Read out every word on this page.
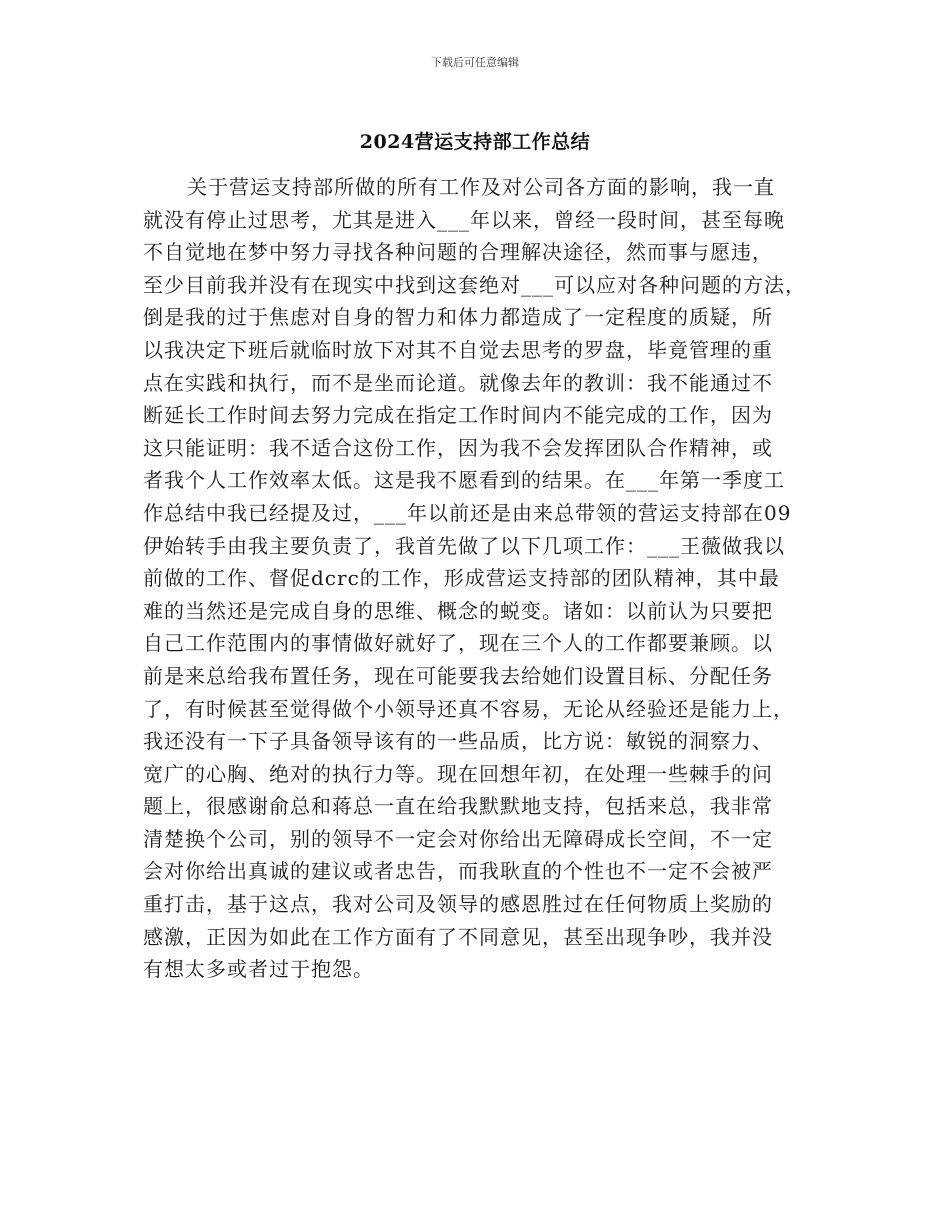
下载后可任意编辑
2024营运支持部工作总结
关于营运支持部所做的所有工作及对公司各方面的影响，我一直
就没有停止过思考，尤其是进入___年以来，曾经一段时间，甚至每晚
不自觉地在梦中努力寻找各种问题的合理解决途径，然而事与愿违，
至少目前我并没有在现实中找到这套绝对___可以应对各种问题的方法，
倒是我的过于焦虑对自身的智力和体力都造成了一定程度的质疑，所
以我决定下班后就临时放下对其不自觉去思考的罗盘，毕竟管理的重
点在实践和执行，而不是坐而论道。就像去年的教训：我不能通过不
断延长工作时间去努力完成在指定工作时间内不能完成的工作，因为
这只能证明：我不适合这份工作，因为我不会发挥团队合作精神，或
者我个人工作效率太低。这是我不愿看到的结果。在___年第一季度工
作总结中我已经提及过，___年以前还是由来总带领的营运支持部在09
伊始转手由我主要负责了，我首先做了以下几项工作：___王薇做我以
前做的工作、督促dcrc的工作，形成营运支持部的团队精神，其中最
难的当然还是完成自身的思维、概念的蜕变。诸如：以前认为只要把
自己工作范围内的事情做好就好了，现在三个人的工作都要兼顾。以
前是来总给我布置任务，现在可能要我去给她们设置目标、分配任务
了，有时候甚至觉得做个小领导还真不容易，无论从经验还是能力上，
我还没有一下子具备领导该有的一些品质，比方说：敏锐的洞察力、
宽广的心胸、绝对的执行力等。现在回想年初，在处理一些棘手的问
题上，很感谢俞总和蒋总一直在给我默默地支持，包括来总，我非常
清楚换个公司，别的领导不一定会对你给出无障碍成长空间，不一定
会对你给出真诚的建议或者忠告，而我耿直的个性也不一定不会被严
重打击，基于这点，我对公司及领导的感恩胜过在任何物质上奖励的
感激，正因为如此在工作方面有了不同意见，甚至出现争吵，我并没
有想太多或者过于抱怨。
